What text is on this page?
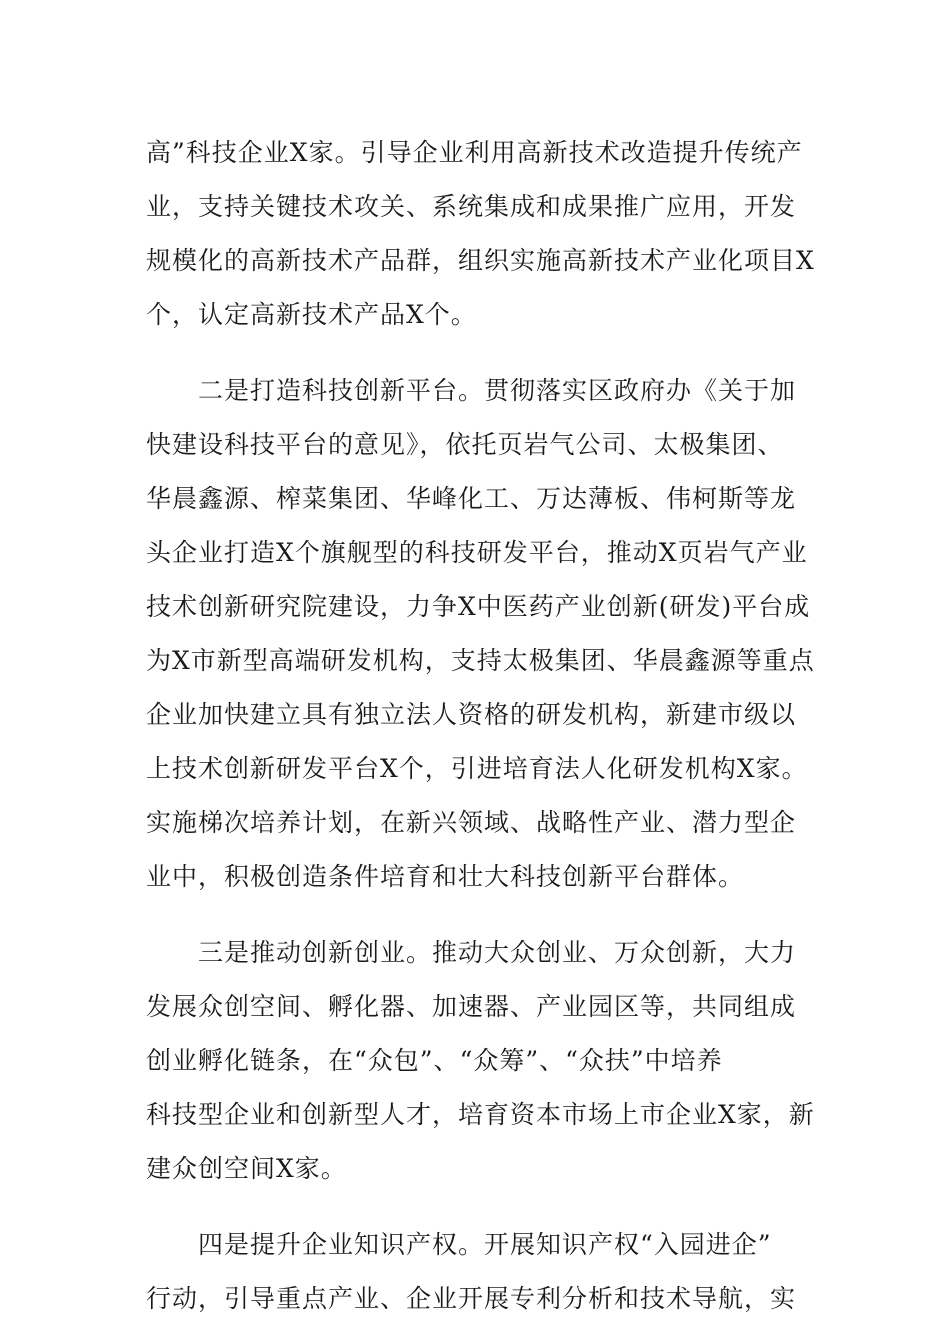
高”科技企业X家。引导企业利用高新技术改造提升传统产
业，支持关键技术攻关、系统集成和成果推广应用，开发
规模化的高新技术产品群，组织实施高新技术产业化项目X
个，认定高新技术产品X个。
二是打造科技创新平台。贯彻落实区政府办《关于加
快建设科技平台的意见》，依托页岩气公司、太极集团、
华晨鑫源、榨菜集团、华峰化工、万达薄板、伟柯斯等龙
头企业打造X个旗舰型的科技研发平台，推动X页岩气产业
技术创新研究院建设，力争X中医药产业创新(研发)平台成
为X市新型高端研发机构，支持太极集团、华晨鑫源等重点
企业加快建立具有独立法人资格的研发机构，新建市级以
上技术创新研发平台X个，引进培育法人化研发机构X家。
实施梯次培养计划，在新兴领域、战略性产业、潜力型企
业中，积极创造条件培育和壮大科技创新平台群体。
三是推动创新创业。推动大众创业、万众创新，大力
发展众创空间、孵化器、加速器、产业园区等，共同组成
创业孵化链条，在“众包”、“众筹”、“众扶”中培养
科技型企业和创新型人才，培育资本市场上市企业X家，新
建众创空间X家。
四是提升企业知识产权。开展知识产权“入园进企”
行动，引导重点产业、企业开展专利分析和技术导航，实
